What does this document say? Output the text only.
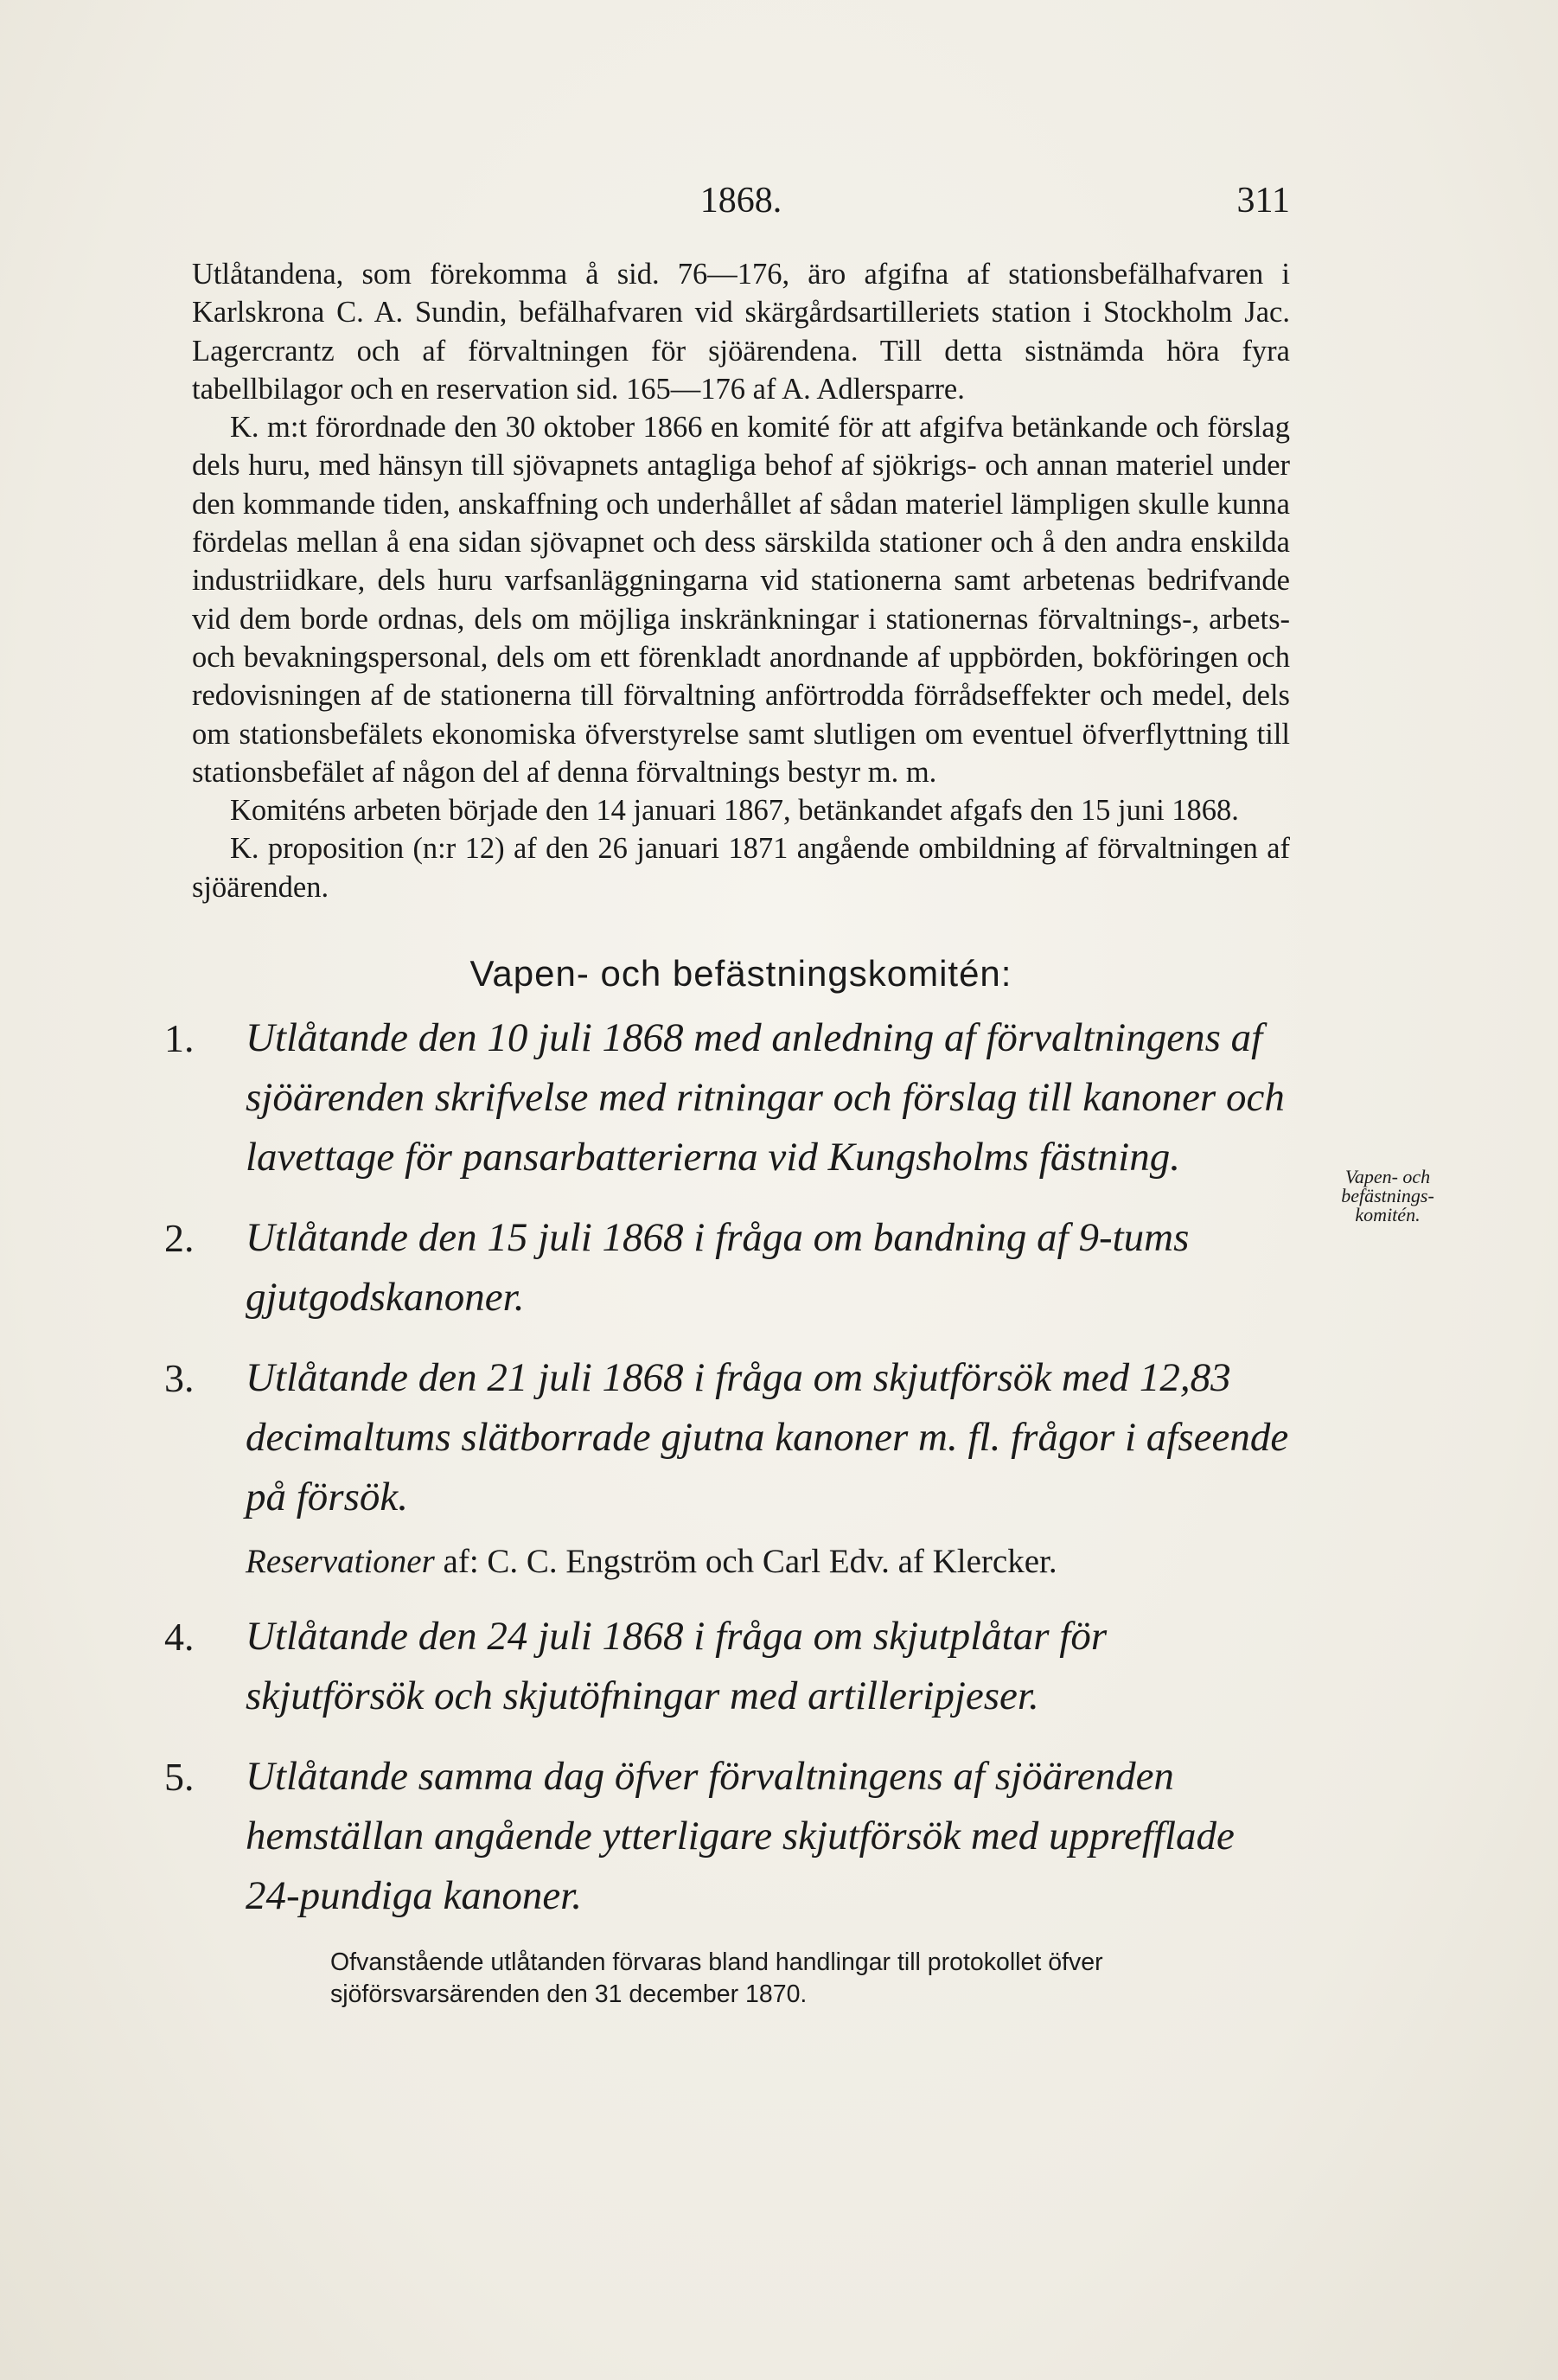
1868.	311

Utlåtandena, som förekomma å sid. 76—176, äro afgifna af stationsbefälhafvaren i Karlskrona C. A. Sundin, befälhafvaren vid skärgårdsartilleriets station i Stockholm Jac. Lagercrantz och af förvaltningen för sjöärendena. Till detta sistnämda höra fyra tabellbilagor och en reservation sid. 165—176 af A. Adlersparre.

K. m:t förordnade den 30 oktober 1866 en komité för att afgifva betänkande och förslag dels huru, med hänsyn till sjövapnets antagliga behof af sjökrigs- och annan materiel under den kommande tiden, anskaffning och underhållet af sådan materiel lämpligen skulle kunna fördelas mellan å ena sidan sjövapnet och dess särskilda stationer och å den andra enskilda industriidkare, dels huru varfsanläggningarna vid stationerna samt arbetenas bedrifvande vid dem borde ordnas, dels om möjliga inskränkningar i stationernas förvaltnings-, arbets- och bevakningspersonal, dels om ett förenkladt anordnande af uppbörden, bokföringen och redovisningen af de stationerna till förvaltning anförtrodda förrådseffekter och medel, dels om stationsbefälets ekonomiska öfverstyrelse samt slutligen om eventuel öfverflyttning till stationsbefälet af någon del af denna förvaltnings bestyr m. m.

Komiténs arbeten började den 14 januari 1867, betänkandet afgafs den 15 juni 1868.

K. proposition (n:r 12) af den 26 januari 1871 angående ombildning af förvaltningen af sjöärenden.

Vapen- och befästningskomitén:
1.	Utlåtande den 10 juli 1868 med anledning af förvaltningens af sjöärenden skrifvelse med ritningar och förslag till kanoner och lavettage för pansarbatterierna vid Kungsholms fästning.
2.	Utlåtande den 15 juli 1868 i fråga om bandning af 9-tums gjutgodskanoner.
3.	Utlåtande den 21 juli 1868 i fråga om skjutförsök med 12,83 decimaltums slätborrade gjutna kanoner m. fl. frågor i afseende på försök.
Reservationer af: C. C. Engström och Carl Edv. af Klercker.
4.	Utlåtande den 24 juli 1868 i fråga om skjutplåtar för skjutförsök och skjutöfningar med artilleripjeser.
5.	Utlåtande samma dag öfver förvaltningens af sjöärenden hemställan angående ytterligare skjutförsök med upprefflade 24-pundiga kanoner.

Ofvanstående utlåtanden förvaras bland handlingar till protokollet öfver sjöförsvarsärenden den 31 december 1870.

Vapen- och befästnings-komitén.
